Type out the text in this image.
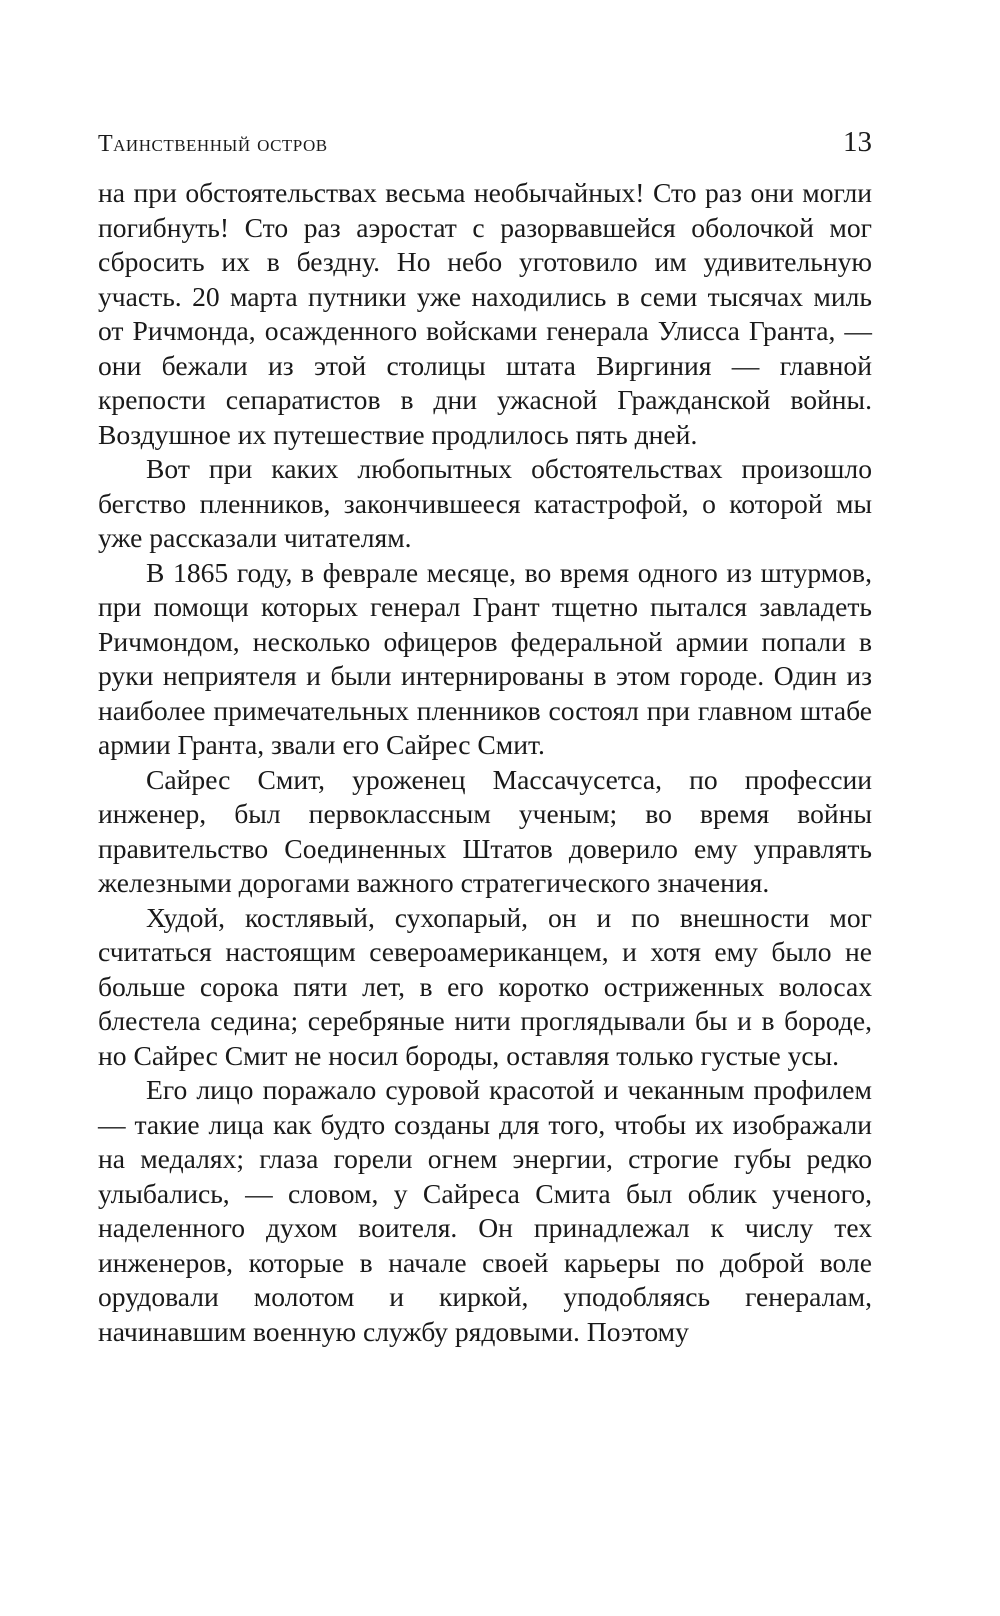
Таинственный остров	13

на при обстоятельствах весьма необычайных! Сто раз они могли погибнуть! Сто раз аэростат с разорвавшейся оболочкой мог сбросить их в бездну. Но небо уготовило им удивительную участь. 20 марта путники уже находились в семи тысячах миль от Ричмонда, осажденного войсками генерала Улисса Гранта, — они бежали из этой столицы штата Виргиния — главной крепости сепаратистов в дни ужасной Гражданской войны. Воздушное их путешествие продлилось пять дней.

Вот при каких любопытных обстоятельствах произошло бегство пленников, закончившееся катастрофой, о которой мы уже рассказали читателям.

В 1865 году, в феврале месяце, во время одного из штурмов, при помощи которых генерал Грант тщетно пытался завладеть Ричмондом, несколько офицеров федеральной армии попали в руки неприятеля и были интернированы в этом городе. Один из наиболее примечательных пленников состоял при главном штабе армии Гранта, звали его Сайрес Смит.

Сайрес Смит, уроженец Массачусетса, по профессии инженер, был первоклассным ученым; во время войны правительство Соединенных Штатов доверило ему управлять железными дорогами важного стратегического значения.

Худой, костлявый, сухопарый, он и по внешности мог считаться настоящим североамериканцем, и хотя ему было не больше сорока пяти лет, в его коротко остриженных волосах блестела седина; серебряные нити проглядывали бы и в бороде, но Сайрес Смит не носил бороды, оставляя только густые усы.

Его лицо поражало суровой красотой и чеканным профилем — такие лица как будто созданы для того, чтобы их изображали на медалях; глаза горели огнем энергии, строгие губы редко улыбались, — словом, у Сайреса Смита был облик ученого, наделенного духом воителя. Он принадлежал к числу тех инженеров, которые в начале своей карьеры по доброй воле орудовали молотом и киркой, уподобляясь генералам, начинавшим военную службу рядовыми. Поэтому
